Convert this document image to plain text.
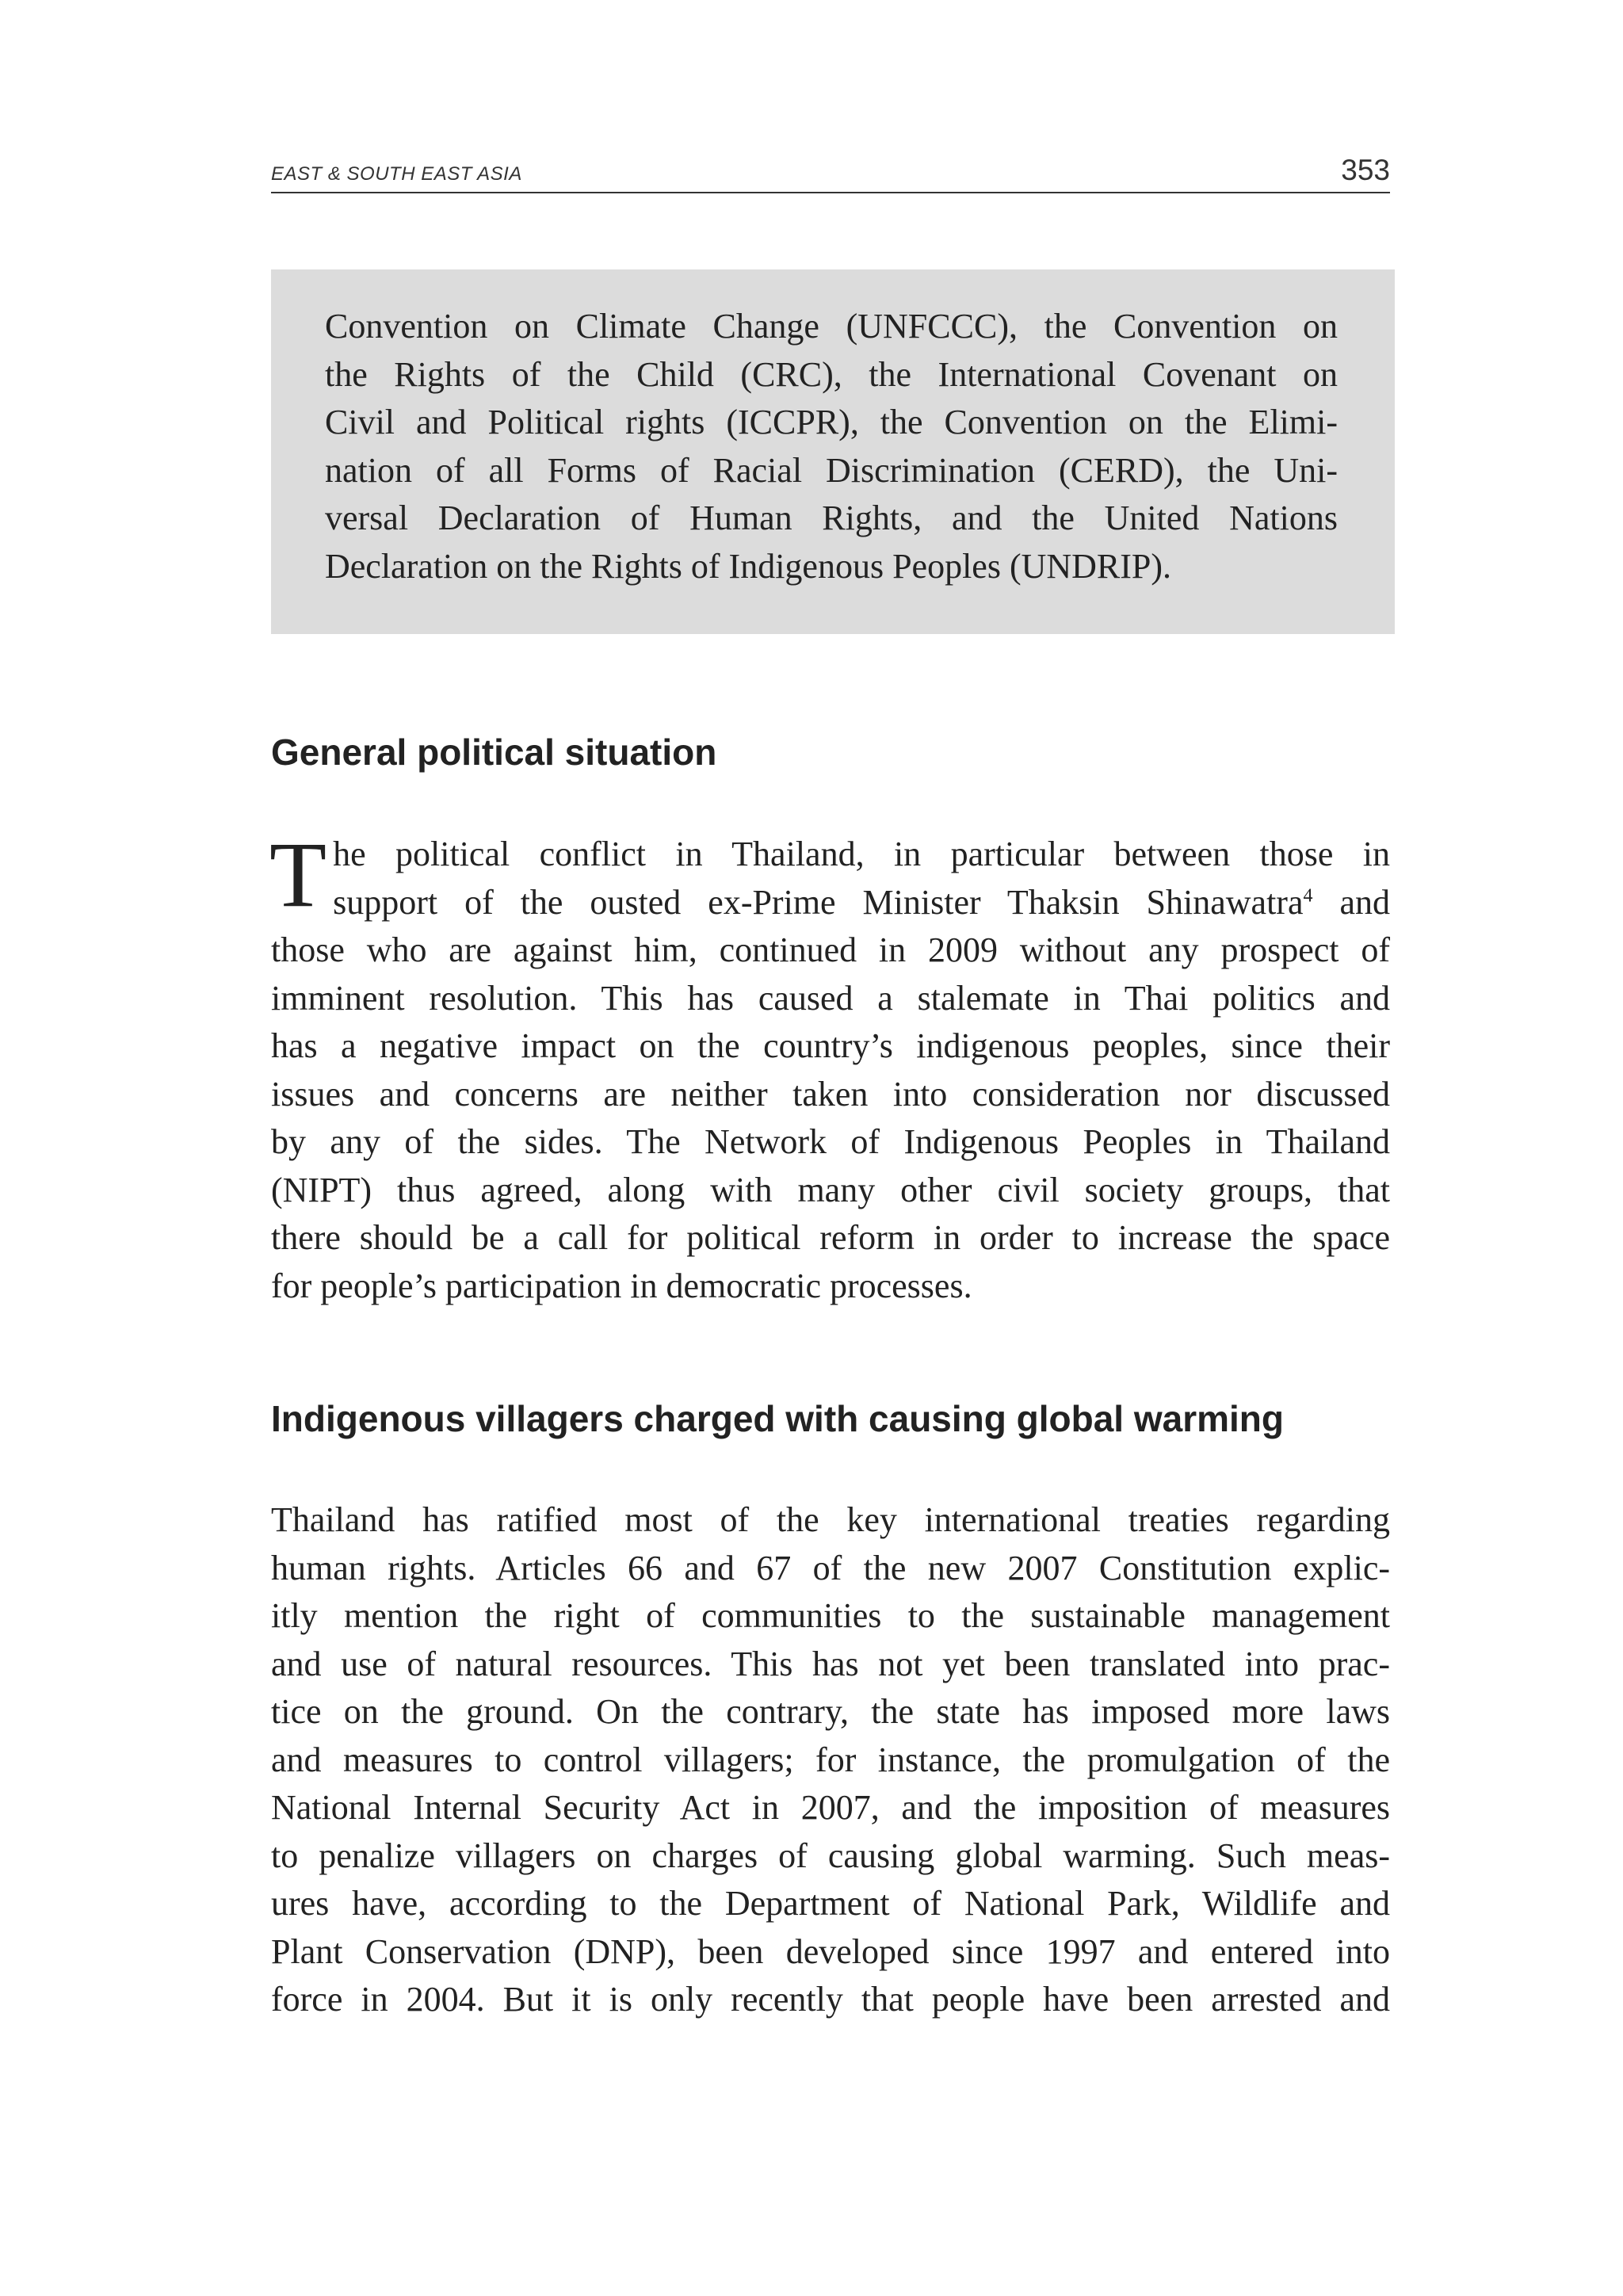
EAST & SOUTH EAST ASIA	353

Convention on Climate Change (UNFCCC), the Convention on
the Rights of the Child (CRC), the International Covenant on
Civil and Political rights (ICCPR), the Convention on the Elimi-
nation of all Forms of Racial Discrimination (CERD), the Uni-
versal Declaration of Human Rights, and the United Nations
Declaration on the Rights of Indigenous Peoples (UNDRIP).

General political situation

T he political conflict in Thailand, in particular between those in
support of the ousted ex-Prime Minister Thaksin Shinawatra$^4$ and
those who are against him, continued in 2009 without any prospect of
imminent resolution. This has caused a stalemate in Thai politics and
has a negative impact on the country’s indigenous peoples, since their
issues and concerns are neither taken into consideration nor discussed
by any of the sides. The Network of Indigenous Peoples in Thailand
(NIPT) thus agreed, along with many other civil society groups, that
there should be a call for political reform in order to increase the space
for people’s participation in democratic processes.

Indigenous villagers charged with causing global warming

Thailand has ratified most of the key international treaties regarding
human rights. Articles 66 and 67 of the new 2007 Constitution explic-
itly mention the right of communities to the sustainable management
and use of natural resources. This has not yet been translated into prac-
tice on the ground. On the contrary, the state has imposed more laws
and measures to control villagers; for instance, the promulgation of the
National Internal Security Act in 2007, and the imposition of measures
to penalize villagers on charges of causing global warming. Such meas-
ures have, according to the Department of National Park, Wildlife and
Plant Conservation (DNP), been developed since 1997 and entered into
force in 2004. But it is only recently that people have been arrested and
